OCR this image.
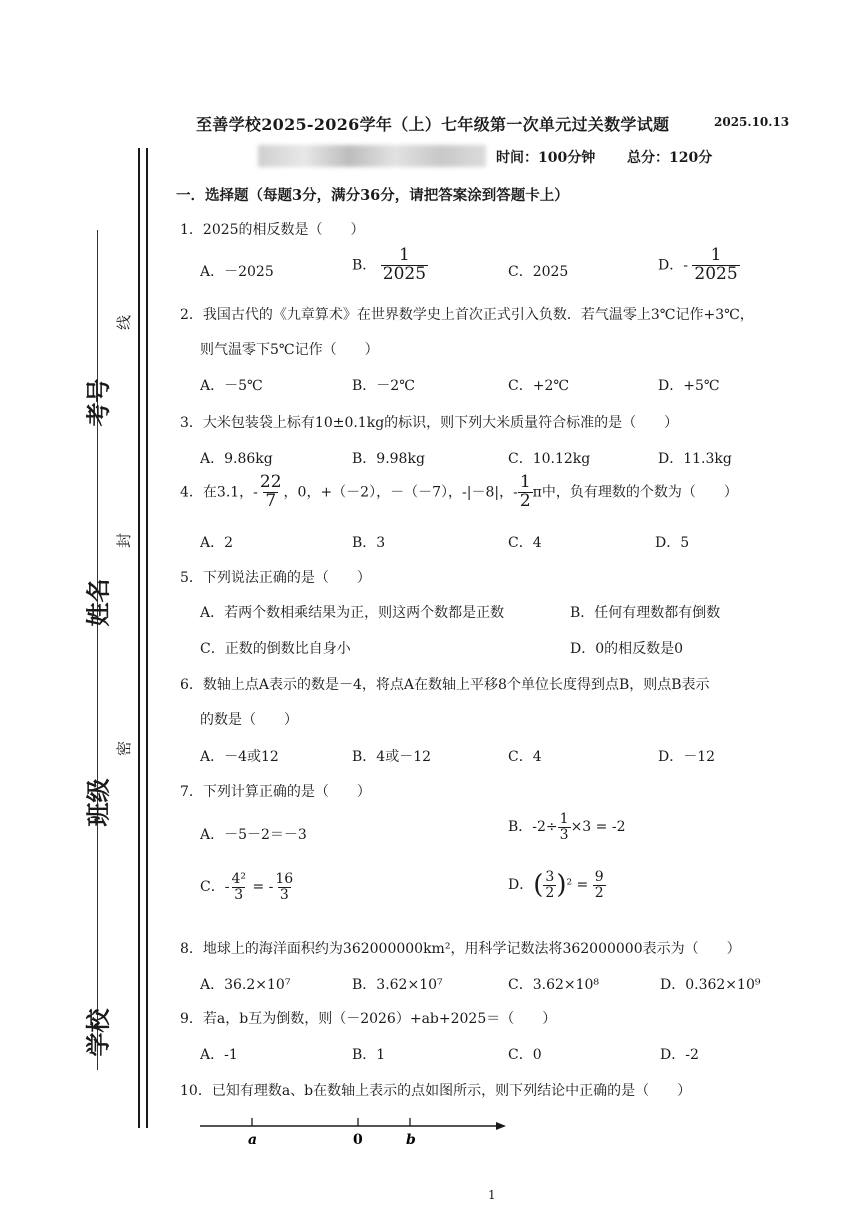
线
封
密
考号
姓名
班级
学校
至善学校2025-2026学年（上）七年级第一次单元过关数学试题	2025.10.13
时间：100分钟 总分：120分
一．选择题（每题3分，满分36分，请把答案涂到答题卡上）
1．2025的相反数是（　　）
A．－2025	B． $\frac{1}{2025}$	C．2025	D．- $\frac{1}{2025}$
2．我国古代的《九章算术》在世界数学史上首次正式引入负数．若气温零上3℃记作+3℃，
则气温零下5℃记作（　　）
A．－5℃	B．－2℃	C．+2℃	D．+5℃
3．大米包装袋上标有10±0.1kg的标识，则下列大米质量符合标准的是（　　）
A．9.86kg	B．9.98kg	C．10.12kg	D．11.3kg
4．在3.1，- $\frac{22}{7}$ ，0，+（－2），－（－7），-|－8|，- $\frac{1}{2}$ π中，负有理数的个数为（　　）
A．2	B．3	C．4	D．5
5．下列说法正确的是（　　）
A．若两个数相乘结果为正，则这两个数都是正数	B．任何有理数都有倒数
C．正数的倒数比自身小	D．0的相反数是0
6．数轴上点A表示的数是－4，将点A在数轴上平移8个单位长度得到点B，则点B表示
的数是（　　）
A．－4或12	B．4或－12	C．4	D．－12
7．下列计算正确的是（　　）
A．－5－2＝－3	B．$-2\div \frac{1}{3} \times 3 = -2$
C．- $\frac{\text{4²}}{3}$ = - $\frac{16}{3}$	D．( $\frac{3}{2} )^2 = \frac{9}{2}$
8．地球上的海洋面积约为362000000km²，用科学记数法将362000000表示为（　　）
A．36.2×10⁷	B．3.62×10⁷	C．3.62×10⁸	D．0.362×10⁹
9．若a，b互为倒数，则（－2026）+ab+2025＝（　　）
A．-1	B．1	C．0	D．-2
10．已知有理数a、b在数轴上表示的点如图所示，则下列结论中正确的是（　　）
a	0	b
1
